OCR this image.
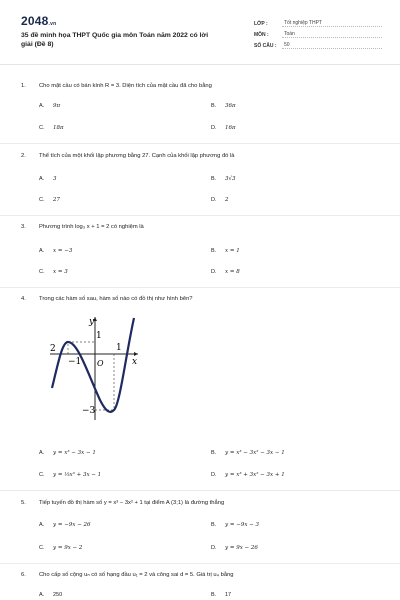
2048.vn
35 đề minh họa THPT Quốc gia môn Toán năm 2022 có lời giải (Đề 8)
LỚP :	Tốt nghiệp THPT
MÔN :	Toán
SỐ CÂU :	50
1. Cho mặt cầu có bán kính R = 3. Diện tích của mặt cầu đã cho bằng
A. 9π	B. 36π
C. 18π	D. 16π
2. Thể tích của một khối lập phương bằng 27. Cạnh của khối lập phương đó là
A. 3	B. 3√3
C. 27	D. 2
3. Phương trình log₃ x + 1 = 2 có nghiệm là
A. x = −3	B. x = 1
C. x = 3	D. x = 8
4. Trong các hàm số sau, hàm số nào có đồ thị như hình bên?
y
x
O
1
1
−1
2
−3
A. y = x³ − 3x − 1	B. y = x³ − 3x² − 3x − 1
C. y = ⅓x³ + 3x − 1	D. y = x³ + 3x² − 3x + 1
5. Tiếp tuyến đồ thị hàm số y = x³ − 3x² + 1 tại điểm A (3;1) là đường thẳng
A. y = −9x − 26	B. y = −9x − 3
C. y = 9x − 2	D. y = 9x − 26
6. Cho cấp số cộng uₙ có số hạng đầu u₁ = 2 và công sai d = 5. Giá trị u₄ bằng
A. 250	B. 17
